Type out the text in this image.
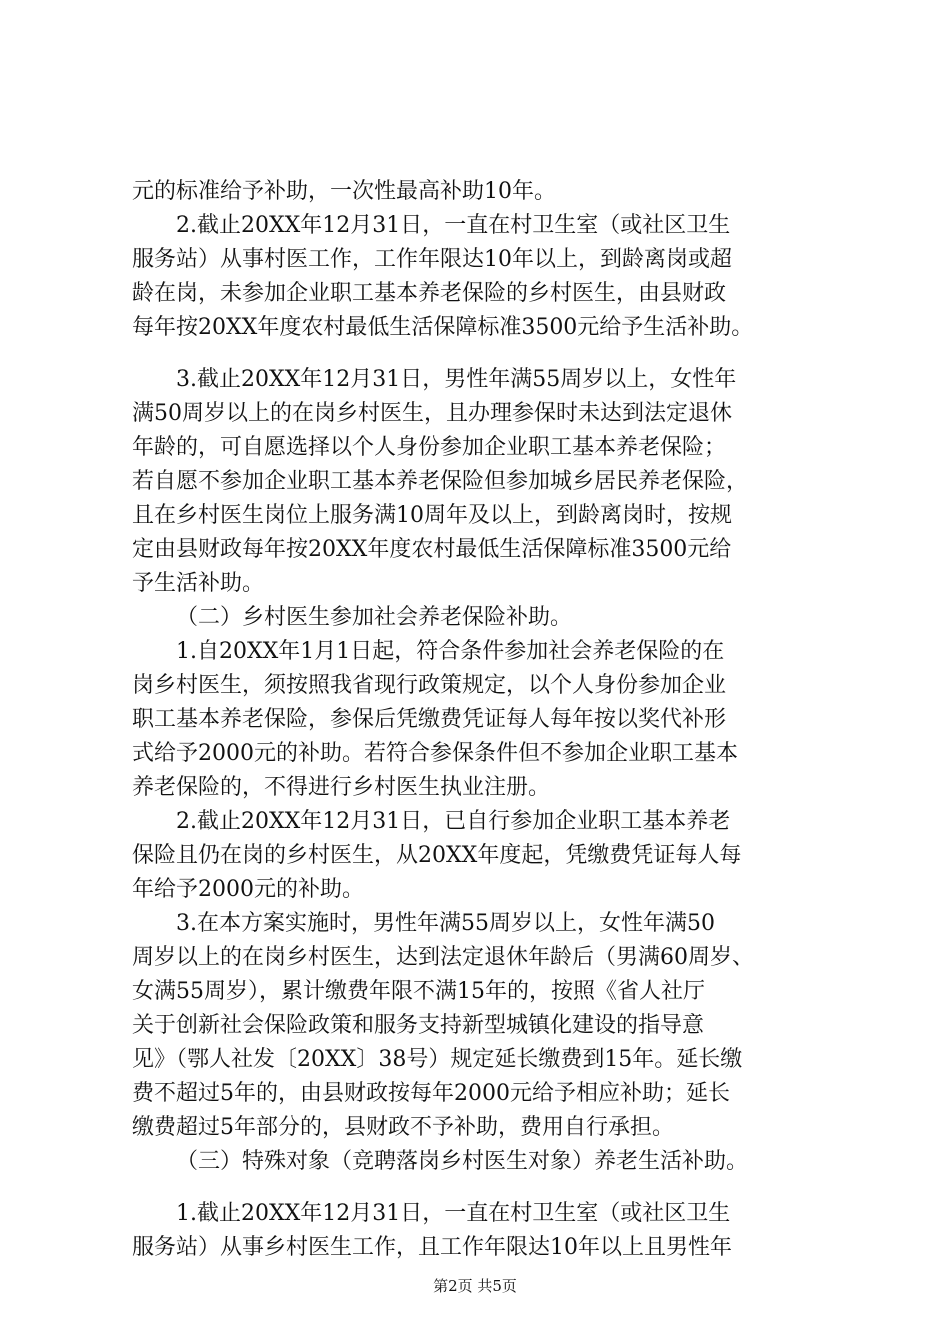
元的标准给予补助，一次性最高补助10年。
2.截止20XX年12月31日，一直在村卫生室（或社区卫生
服务站）从事村医工作，工作年限达10年以上，到龄离岗或超
龄在岗，未参加企业职工基本养老保险的乡村医生，由县财政
每年按20XX年度农村最低生活保障标准3500元给予生活补助。
3.截止20XX年12月31日，男性年满55周岁以上，女性年
满50周岁以上的在岗乡村医生，且办理参保时未达到法定退休
年龄的，可自愿选择以个人身份参加企业职工基本养老保险；
若自愿不参加企业职工基本养老保险但参加城乡居民养老保险，
且在乡村医生岗位上服务满10周年及以上，到龄离岗时，按规
定由县财政每年按20XX年度农村最低生活保障标准3500元给
予生活补助。
（二）乡村医生参加社会养老保险补助。
1.自20XX年1月1日起，符合条件参加社会养老保险的在
岗乡村医生，须按照我省现行政策规定，以个人身份参加企业
职工基本养老保险，参保后凭缴费凭证每人每年按以奖代补形
式给予2000元的补助。若符合参保条件但不参加企业职工基本
养老保险的，不得进行乡村医生执业注册。
2.截止20XX年12月31日，已自行参加企业职工基本养老
保险且仍在岗的乡村医生，从20XX年度起，凭缴费凭证每人每
年给予2000元的补助。
3.在本方案实施时，男性年满55周岁以上，女性年满50
周岁以上的在岗乡村医生，达到法定退休年龄后（男满60周岁、
女满55周岁），累计缴费年限不满15年的，按照《省人社厅
关于创新社会保险政策和服务支持新型城镇化建设的指导意
见》（鄂人社发〔20XX〕38号）规定延长缴费到15年。延长缴
费不超过5年的，由县财政按每年2000元给予相应补助；延长
缴费超过5年部分的，县财政不予补助，费用自行承担。
（三）特殊对象（竞聘落岗乡村医生对象）养老生活补助。
1.截止20XX年12月31日，一直在村卫生室（或社区卫生
服务站）从事乡村医生工作，且工作年限达10年以上且男性年
第2页 共5页
